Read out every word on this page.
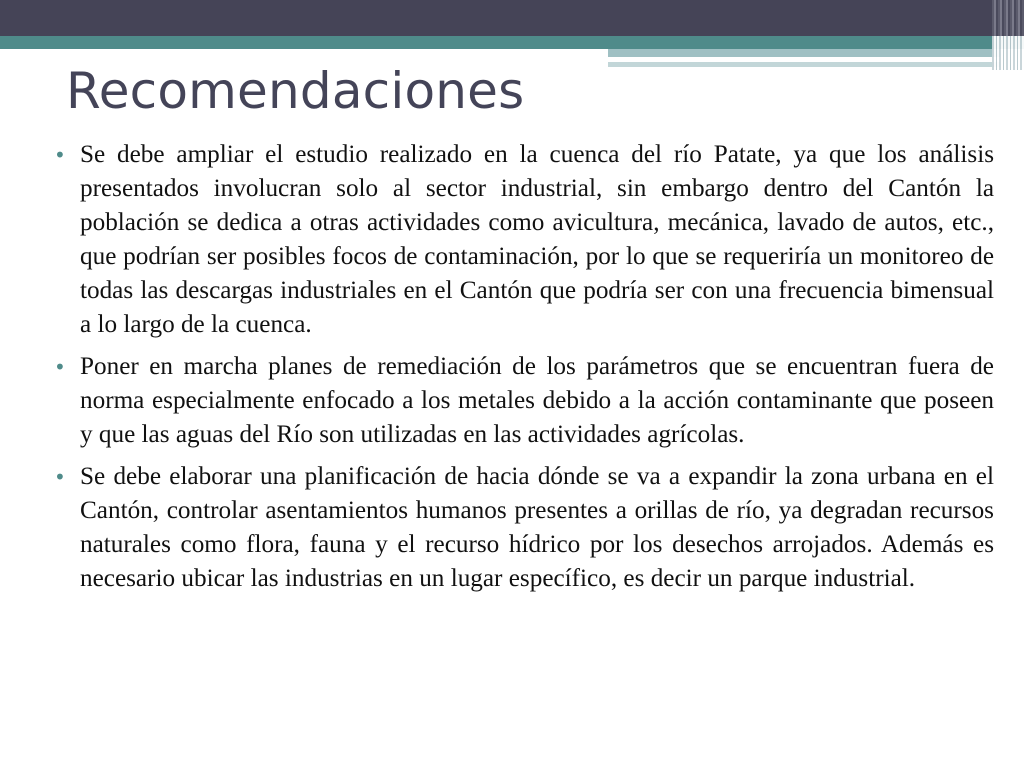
Recomendaciones
• Se debe ampliar el estudio realizado en la cuenca del río Patate, ya que los análisis presentados involucran solo al sector industrial, sin embargo dentro del Cantón la población se dedica a otras actividades como avicultura, mecánica, lavado de autos, etc., que podrían ser posibles focos de contaminación, por lo que se requeriría un monitoreo de todas las descargas industriales en el Cantón que podría ser con una frecuencia bimensual a lo largo de la cuenca.
• Poner en marcha planes de remediación de los parámetros que se encuentran fuera de norma especialmente enfocado a los metales debido a la acción contaminante que poseen y que las aguas del Río son utilizadas en las actividades agrícolas.
• Se debe elaborar una planificación de hacia dónde se va a expandir la zona urbana en el Cantón, controlar asentamientos humanos presentes a orillas de río, ya degradan recursos naturales como flora, fauna y el recurso hídrico por los desechos arrojados. Además es necesario ubicar las industrias en un lugar específico, es decir un parque industrial.
